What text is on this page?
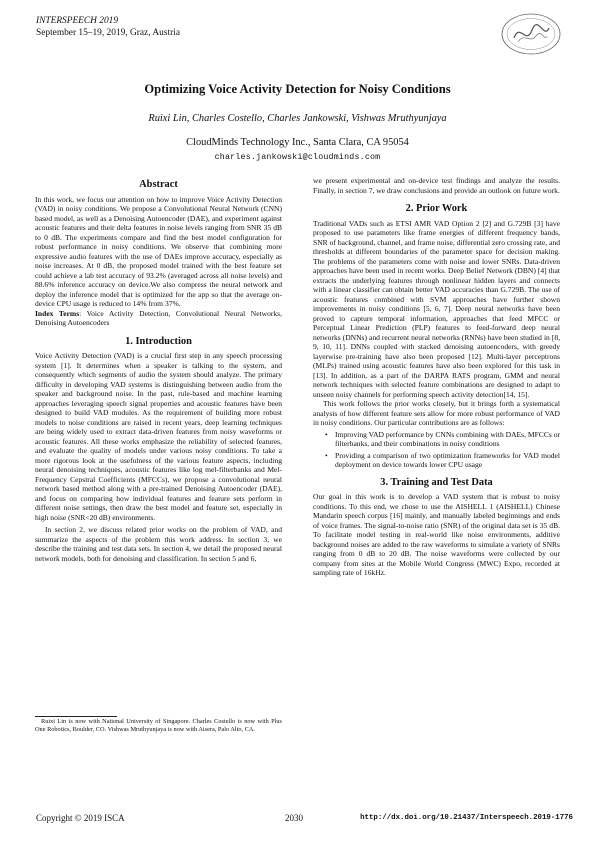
INTERSPEECH 2019
September 15–19, 2019, Graz, Austria
Optimizing Voice Activity Detection for Noisy Conditions
Ruixi Lin, Charles Costello, Charles Jankowski, Vishwas Mruthyunjaya
CloudMinds Technology Inc., Santa Clara, CA 95054
charles.jankowski@cloudminds.com
Abstract

In this work, we focus our attention on how to improve Voice Activity Detection (VAD) in noisy conditions. We propose a Convolutional Neural Network (CNN) based model, as well as a Denoising Autoencoder (DAE), and experiment against acoustic features and their delta features in noise levels ranging from SNR 35 dB to 0 dB. The experiments compare and find the best model configuration for robust performance in noisy conditions. We observe that combining more expressive audio features with the use of DAEs improve accuracy, especially as noise increases. At 0 dB, the proposed model trained with the best feature set could achieve a lab test accuracy of 93.2% (averaged across all noise levels) and 88.6% inference accuracy on device.We also compress the neural network and deploy the inference model that is optimized for the app so that the average on-device CPU usage is reduced to 14% from 37%.

Index Terms: Voice Activity Detection, Convolutional Neural Networks, Denoising Autoencoders

1. Introduction

Voice Activity Detection (VAD) is a crucial first step in any speech processing system [1]. It determines when a speaker is talking to the system, and consequently which segments of audio the system should analyze. The primary difficulty in developing VAD systems is distinguishing between audio from the speaker and background noise. In the past, rule-based and machine learning approaches leveraging speech signal properties and acoustic features have been designed to build VAD modules. As the requirement of building more robust models to noise conditions are raised in recent years, deep learning techniques are being widely used to extract data-driven features from noisy waveforms or acoustic features. All these works emphasize the reliability of selected features, and evaluate the quality of models under various noisy conditions. To take a more rigorous look at the usefulness of the various feature aspects, including neural denoising techniques, acoustic features like log mel-filterbanks and Mel-Frequency Cepstral Coefficients (MFCCs), we propose a convolutional neural network based method along with a pre-trained Denoising Autoencoder (DAE), and focus on comparing how individual features and feature sets perform in different noise settings, then draw the best model and feature set, especially in high noise (SNR<20 dB) environments.

In section 2, we discuss related prior works on the problem of VAD, and summarize the aspects of the problem this work address. In section 3, we describe the training and test data sets. In section 4, we detail the proposed neural network models, both for denoising and classification. In section 5 and 6,

Ruixi Lin is now with National University of Singapore. Charles Costello is now with Plus One Robotics, Boulder, CO. Vishwas Mruthyunjaya is now with Aisera, Palo Alto, CA.

we present experimental and on-device test findings and analyze the results. Finally, in section 7, we draw conclusions and provide an outlook on future work.

2. Prior Work

Traditional VADs such as ETSI AMR VAD Option 2 [2] and G.729B [3] have proposed to use parameters like frame energies of different frequency bands, SNR of background, channel, and frame noise, differential zero crossing rate, and thresholds at different boundaries of the parameter space for decision making. The problems of the parameters come with noise and lower SNRs. Data-driven approaches have been used in recent works. Deep Belief Network (DBN) [4] that extracts the underlying features through nonlinear hidden layers and connects with a linear classifier can obtain better VAD accuracies than G.729B. The use of acoustic features combined with SVM approaches have further shown improvements in noisy conditions [5, 6, 7]. Deep neural networks have been proved to capture temporal information, approaches that feed MFCC or Perceptual Linear Prediction (PLP) features to feed-forward deep neural networks (DNNs) and recurrent neural networks (RNNs) have been studied in [8, 9, 10, 11]. DNNs coupled with stacked denoising autoencoders, with greedy layerwise pre-training have also been proposed [12]. Multi-layer perceptrons (MLPs) trained using acoustic features have also been explored for this task in [13]. In addition, as a part of the DARPA RATS program, GMM and neural network techniques with selected feature combinations are designed to adapt to unseen noisy channels for performing speech activity detection[14, 15].

This work follows the prior works closely, but it brings forth a systematical analysis of how different feature sets allow for more robust performance of VAD in noisy conditions. Our particular contributions are as follows:

• Improving VAD performance by CNNs combining with DAEs, MFCCs or filterbanks, and their combinations in noisy conditions
• Providing a comparison of two optimization frameworks for VAD model deployment on device towards lower CPU usage
3. Training and Test Data

Our goal in this work is to develop a VAD system that is robust to noisy conditions. To this end, we chose to use the AISHELL 1 (AISHELL) Chinese Mandarin speech corpus [16] mainly, and manually labeled beginnings and ends of voice frames. The signal-to-noise ratio (SNR) of the original data set is 35 dB. To facilitate model testing in real-world like noise environments, additive background noises are added to the raw waveforms to simulate a variety of SNRs ranging from 0 dB to 20 dB. The noise waveforms were collected by our company from sites at the Mobile World Congress (MWC) Expo, recorded at sampling rate of 16kHz.

Copyright © 2019 ISCA	2030	http://dx.doi.org/10.21437/Interspeech.2019-1776
